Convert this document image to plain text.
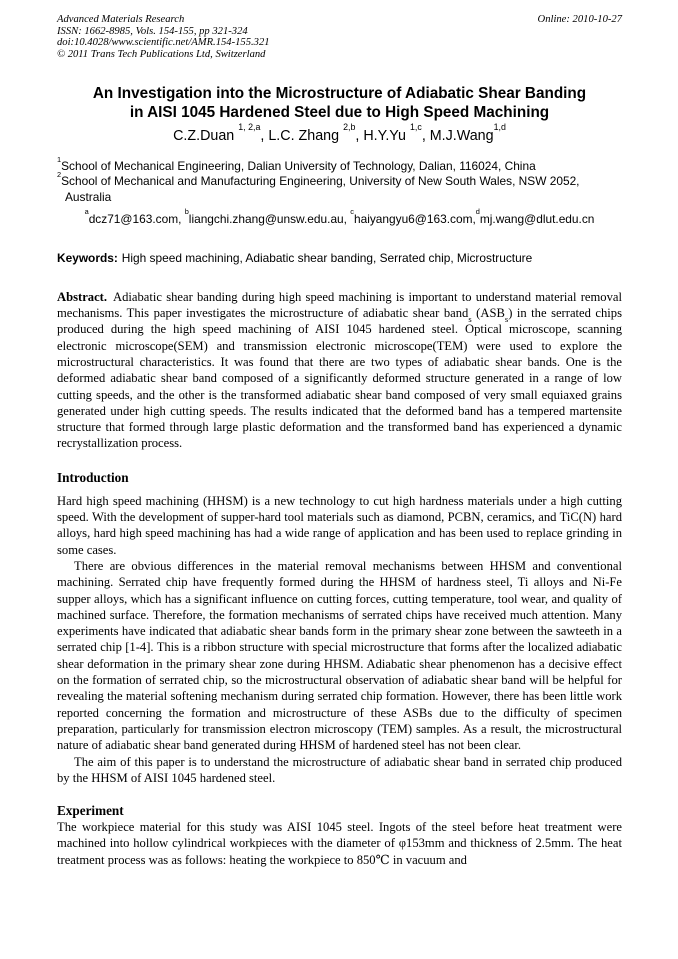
Advanced Materials Research
ISSN: 1662-8985, Vols. 154-155, pp 321-324
doi:10.4028/www.scientific.net/AMR.154-155.321
© 2011 Trans Tech Publications Ltd, Switzerland
Online: 2010-10-27
An Investigation into the Microstructure of Adiabatic Shear Banding
in AISI 1045 Hardened Steel due to High Speed Machining
C.Z.Duan $^{1, 2,a}$, L.C. Zhang $^{2,b}$, H.Y.Yu $^{1,c}$, M.J.Wang$^{1,d}$
$^1$School of Mechanical Engineering, Dalian University of Technology, Dalian, 116024, China
$^2$School of Mechanical and Manufacturing Engineering, University of New South Wales, NSW 2052,
Australia
$^a$dcz71@163.com, $^b$liangchi.zhang@unsw.edu.au, $^c$haiyangyu6@163.com,$^d$mj.wang@dlut.edu.cn
Keywords: High speed machining, Adiabatic shear banding, Serrated chip, Microstructure

Abstract. Adiabatic shear banding during high speed machining is important to understand material removal mechanisms. This paper investigates the microstructure of adiabatic shear band$_s$ $(ASB_s)$ in the serrated chips produced during the high speed machining of AISI 1045 hardened steel. Optical microscope, scanning electronic microscope(SEM) and transmission electronic microscope(TEM) were used to explore the microstructural characteristics. It was found that there are two types of adiabatic shear bands. One is the deformed adiabatic shear band composed of a significantly deformed structure generated in a range of low cutting speeds, and the other is the transformed adiabatic shear band composed of very small equiaxed grains generated under high cutting speeds. The results indicated that the deformed band has a tempered martensite structure that formed through large plastic deformation and the transformed band has experienced a dynamic recrystallization process.

Introduction

Hard high speed machining (HHSM) is a new technology to cut high hardness materials under a high cutting speed. With the development of supper-hard tool materials such as diamond, PCBN, ceramics, and TiC(N) hard alloys, hard high speed machining has had a wide range of application and has been used to replace grinding in some cases.

There are obvious differences in the material removal mechanisms between HHSM and conventional machining. Serrated chip have frequently formed during the HHSM of hardness steel, Ti alloys and Ni-Fe supper alloys, which has a significant influence on cutting forces, cutting temperature, tool wear, and quality of machined surface. Therefore, the formation mechanisms of serrated chips have received much attention. Many experiments have indicated that adiabatic shear bands form in the primary shear zone between the sawteeth in a serrated chip [1-4]. This is a ribbon structure with special microstructure that forms after the localized adiabatic shear deformation in the primary shear zone during HHSM. Adiabatic shear phenomenon has a decisive effect on the formation of serrated chip, so the microstructural observation of adiabatic shear band will be helpful for revealing the material softening mechanism during serrated chip formation. However, there has been little work reported concerning the formation and microstructure of these ASBs due to the difficulty of specimen preparation, particularly for transmission electron microscopy (TEM) samples. As a result, the microstructural nature of adiabatic shear band generated during HHSM of hardened steel has not been clear.

The aim of this paper is to understand the microstructure of adiabatic shear band in serrated chip produced by the HHSM of AISI 1045 hardened steel.

Experiment

The workpiece material for this study was AISI 1045 steel. Ingots of the steel before heat treatment were machined into hollow cylindrical workpieces with the diameter of φ153mm and thickness of 2.5mm. The heat treatment process was as follows: heating the workpiece to 850℃ in vacuum and
